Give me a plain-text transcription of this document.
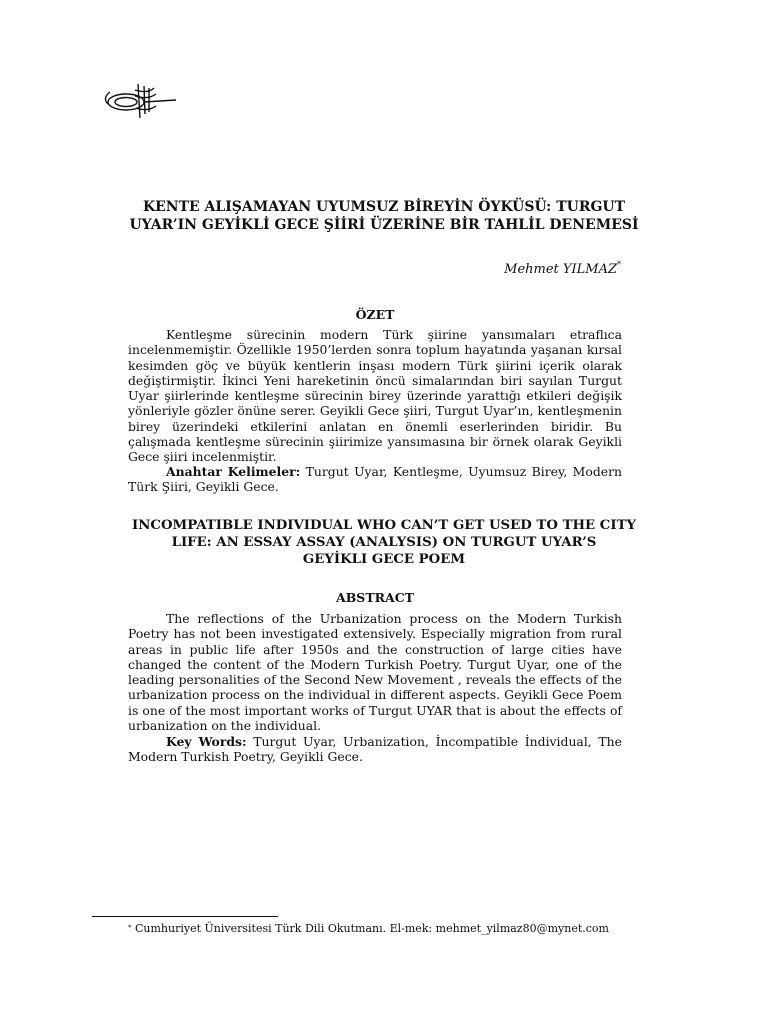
KENTE ALIŞAMAYAN UYUMSUZ BİREYİN ÖYKÜSÜ: TURGUT
UYAR’IN GEYİKLİ GECE ŞİİRİ ÜZERİNE BİR TAHLİL DENEMESİ
Mehmet YILMAZ*
ÖZET

Kentleşme sürecinin modern Türk şiirine yansımaları etraflıca incelenmemiştir. Özellikle 1950’lerden sonra toplum hayatında yaşanan kırsal kesimden göç ve büyük kentlerin inşası modern Türk şiirini içerik olarak değiştirmiştir. İkinci Yeni hareketinin öncü simalarından biri sayılan Turgut Uyar şiirlerinde kentleşme sürecinin birey üzerinde yarattığı etkileri değişik yönleriyle gözler önüne serer. Geyikli Gece şiiri, Turgut Uyar’ın, kentleşmenin birey üzerindeki etkilerini anlatan en önemli eserlerinden biridir. Bu çalışmada kentleşme sürecinin şiirimize yansımasına bir örnek olarak Geyikli Gece şiiri incelenmiştir.

Anahtar Kelimeler: Turgut Uyar, Kentleşme, Uyumsuz Birey, Modern Türk Şiiri, Geyikli Gece.

INCOMPATIBLE INDIVIDUAL WHO CAN’T GET USED TO THE CITY
LIFE: AN ESSAY ASSAY (ANALYSIS) ON TURGUT UYAR’S
GEYİKLI GECE POEM
ABSTRACT

The reflections of the Urbanization process on the Modern Turkish Poetry has not been investigated extensively. Especially migration from rural areas in public life after 1950s and the construction of large cities have changed the content of the Modern Turkish Poetry. Turgut Uyar, one of the leading personalities of the Second New Movement , reveals the effects of the urbanization process on the individual in different aspects. Geyikli Gece Poem is one of the most important works of Turgut UYAR that is about the effects of urbanization on the individual.

Key Words: Turgut Uyar, Urbanization, İncompatible İndividual, The Modern Turkish Poetry, Geyikli Gece.

* Cumhuriyet Üniversitesi Türk Dili Okutmanı. El-mek: mehmet_yilmaz80@mynet.com
